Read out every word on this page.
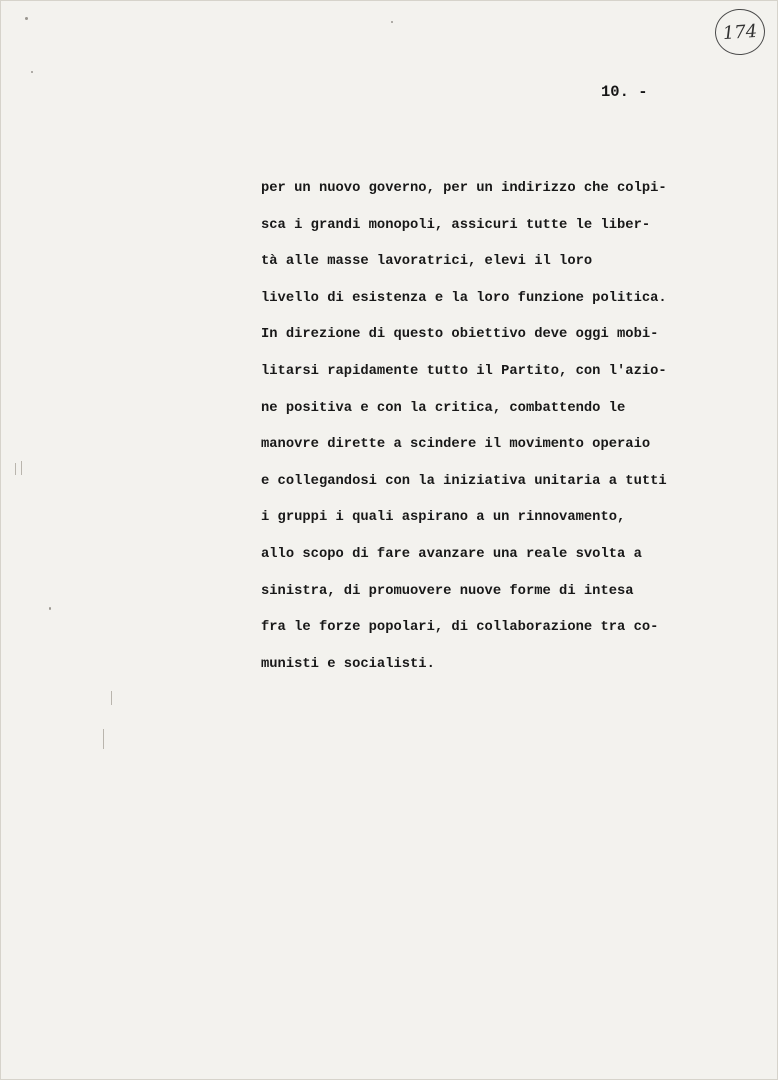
174
10. -
per un nuovo governo, per un indirizzo che colpi-
sca i grandi monopoli, assicuri tutte le liber-
tà alle masse lavoratrici, elevi il loro
livello di esistenza e la loro funzione politica.
In direzione di questo obiettivo deve oggi mobi-
litarsi rapidamente tutto il Partito, con l'azio-
ne positiva e con la critica, combattendo le
manovre dirette a scindere il movimento operaio
e collegandosi con la iniziativa unitaria a tutti
i gruppi i quali aspirano a un rinnovamento,
allo scopo di fare avanzare una reale svolta a
sinistra, di promuovere nuove forme di intesa
fra le forze popolari, di collaborazione tra co-
munisti e socialisti.
